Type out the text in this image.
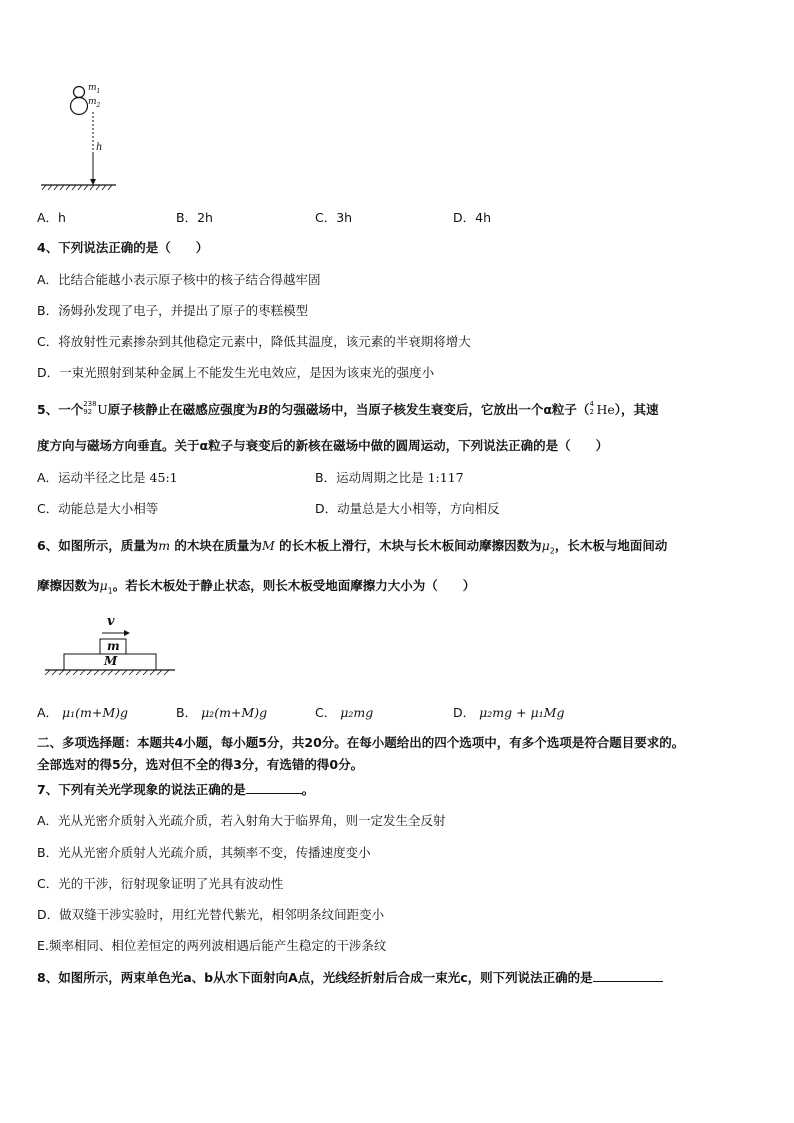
$m_1$
$m_2$
h
A．h	B．2h	C．3h	D．4h
4、下列说法正确的是（　　）
A．比结合能越小表示原子核中的核子结合得越牢固
B．汤姆孙发现了电子，并提出了原子的枣糕模型
C．将放射性元素掺杂到其他稳定元素中，降低其温度，该元素的半衰期将增大
D．一束光照射到某种金属上不能发生光电效应，是因为该束光的强度小
5、一个 238
92 U原子核静止在磁感应强度为B的匀强磁场中，当原子核发生衰变后，它放出一个α粒子（ 4
2 He），其速
度方向与磁场方向垂直。关于α粒子与衰变后的新核在磁场中做的圆周运动，下列说法正确的是（　　）
A．运动半径之比是 45:1	B．运动周期之比是 1:117
C．动能总是大小相等	D．动量总是大小相等，方向相反
6、如图所示，质量为m 的木块在质量为M 的长木板上滑行，木块与长木板间动摩擦因数为$\mu_2$，长木板与地面间动
摩擦因数为$\mu_1$。若长木板处于静止状态，则长木板受地面摩擦力大小为（　　）
v
m
M
A． μ₁(m+M)g	B． μ₂(m+M)g	C． μ₂mg	D． μ₂mg + μ₁Mg
二、多项选择题：本题共4小题，每小题5分，共20分。在每小题给出的四个选项中，有多个选项是符合题目要求的。
全部选对的得5分，选对但不全的得3分，有选错的得0分。
7、下列有关光学现象的说法正确的是	。
A．光从光密介质射入光疏介质，若入射角大于临界角，则一定发生全反射
B．光从光密介质射人光疏介质，其频率不变，传播速度变小
C．光的干涉，衍射现象证明了光具有波动性
D．做双缝干涉实验时，用红光替代紫光，相邻明条纹间距变小
E.频率相同、相位差恒定的两列波相遇后能产生稳定的干涉条纹
8、如图所示，两束单色光a、b从水下面射向A点，光线经折射后合成一束光c，则下列说法正确的是
